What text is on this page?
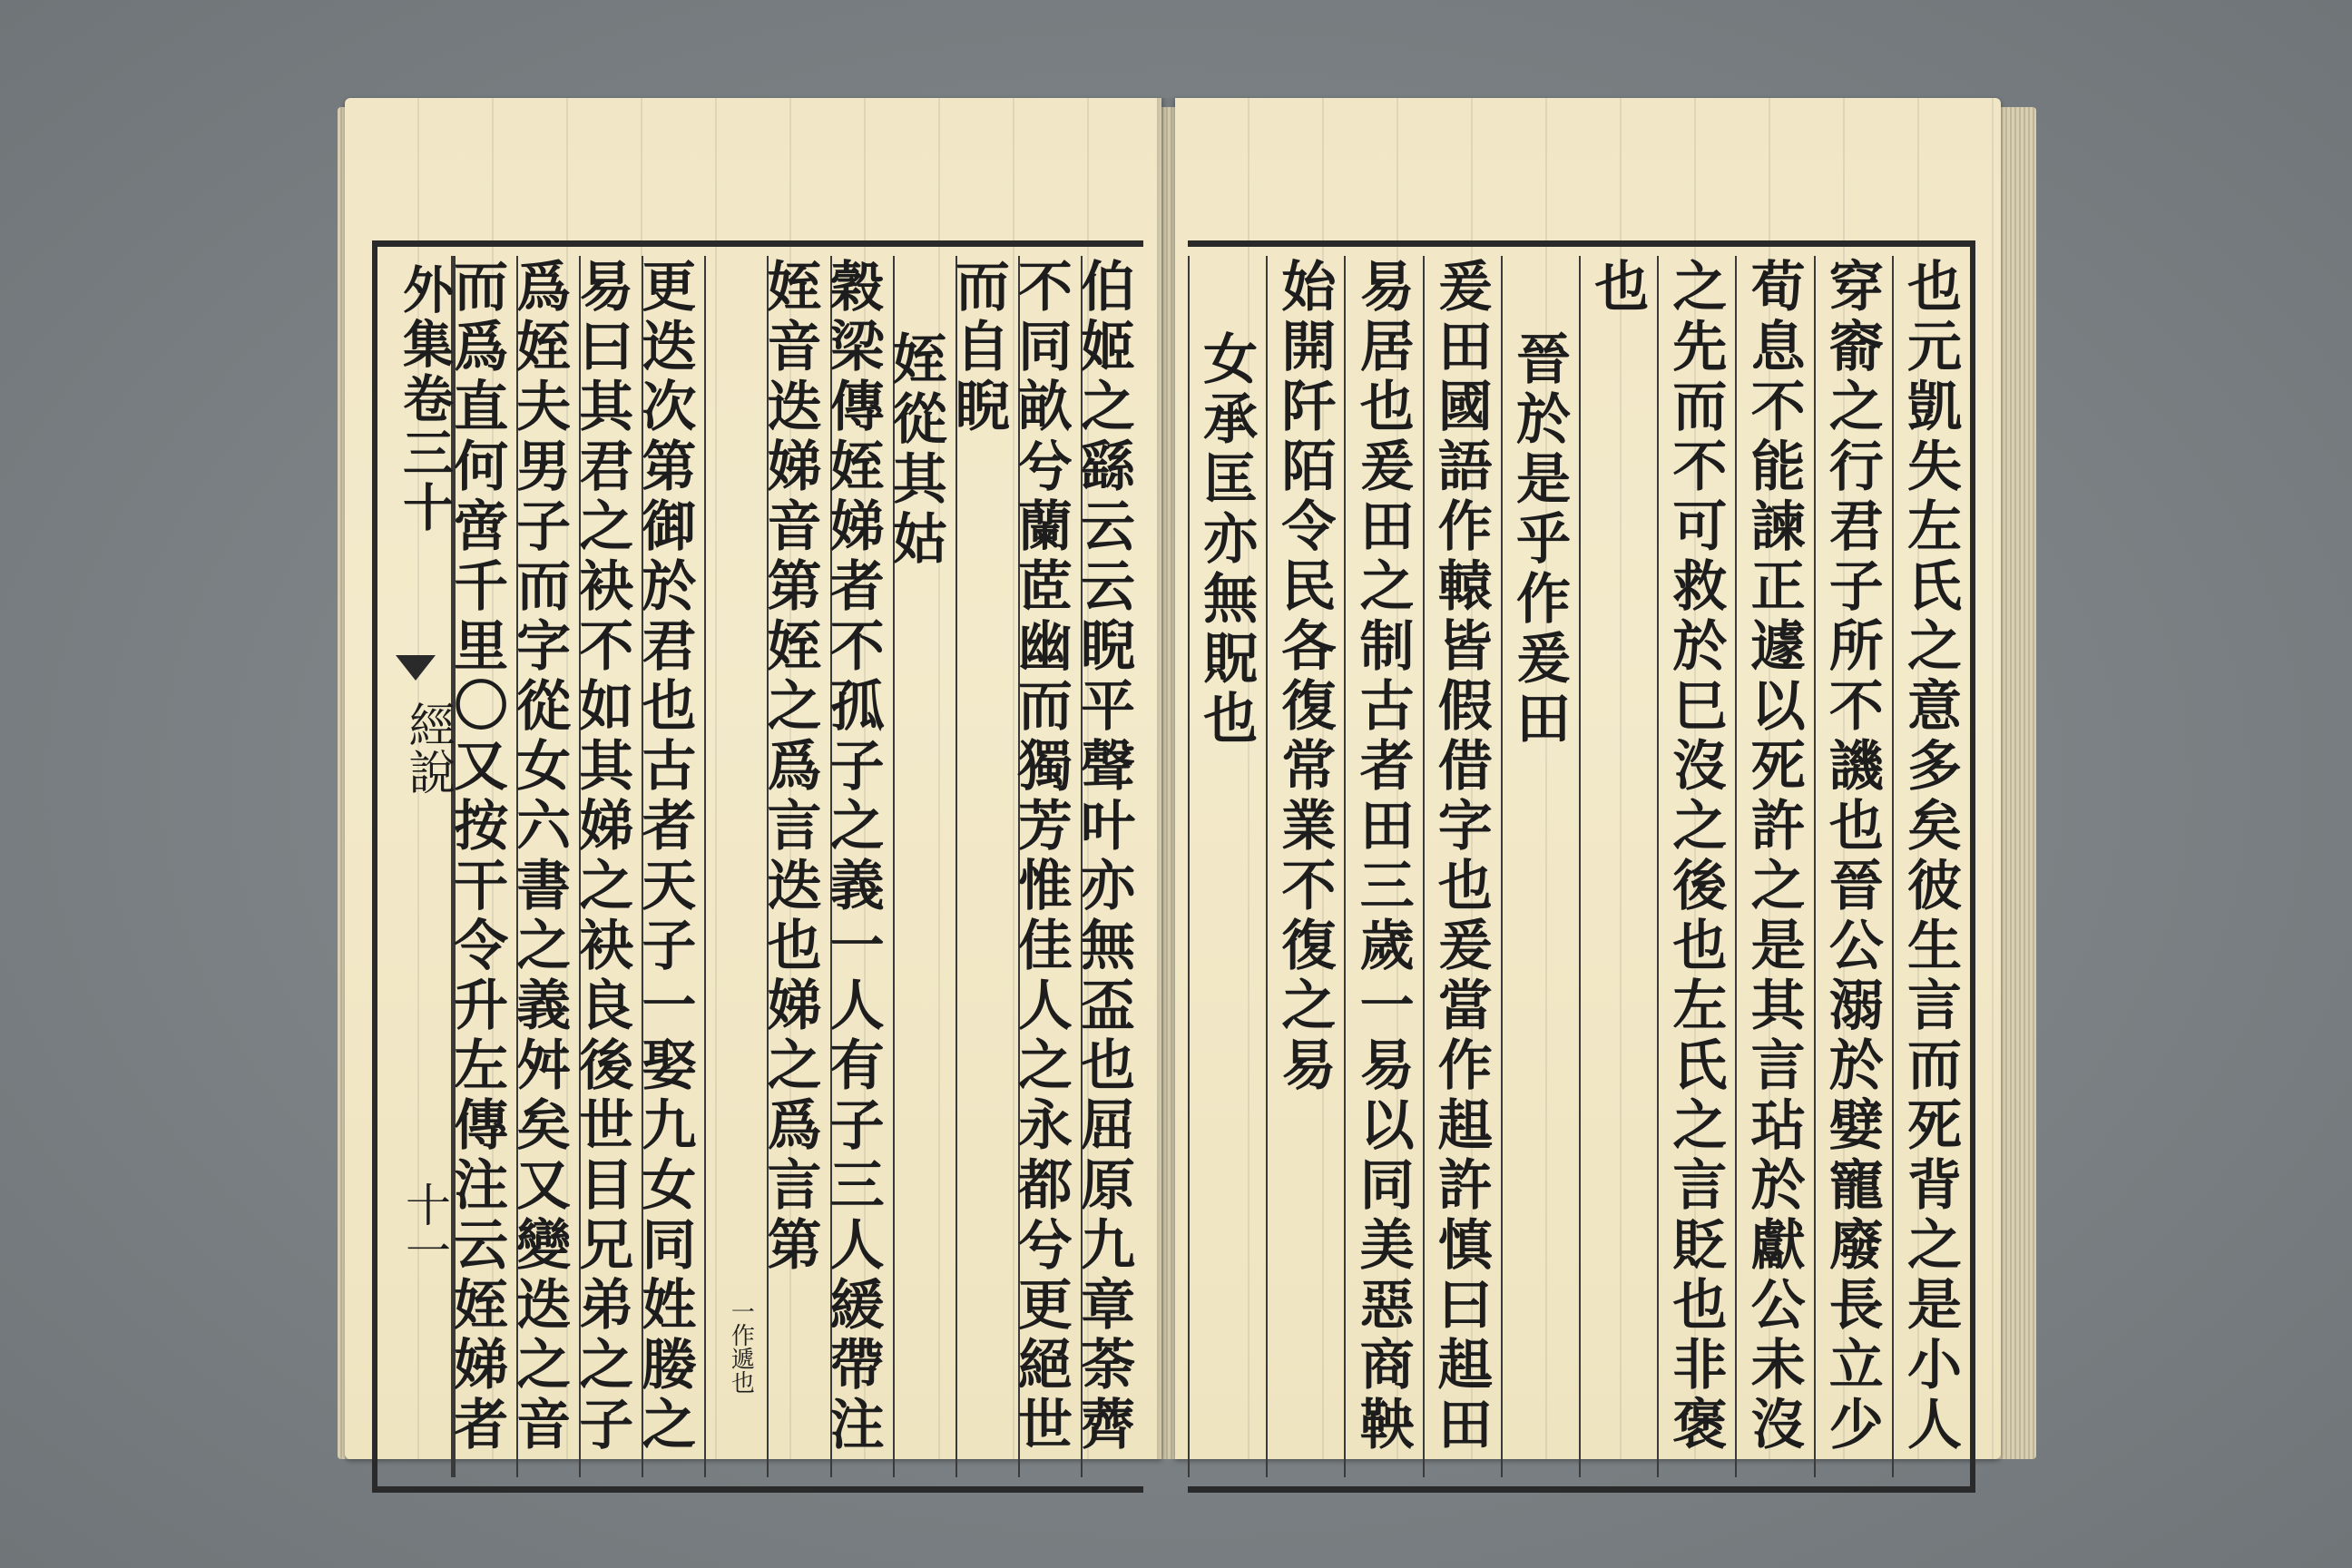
外集卷三十
經說
十一	伯姬之繇云云睨平聲叶亦無盃也屈原九章荼薺
不同畝兮蘭茝幽而獨芳惟佳人之永都兮更絕世
而自睨
姪從其姑
穀梁傳姪娣者不孤子之義一人有子三人緩帶注
姪音迭娣音第姪之爲言迭也娣之爲言第
一作遞也
更迭次第御於君也古者天子一娶九女同姓媵之
易曰其君之袂不如其娣之袂良後世目兄弟之子
爲姪夫男子而字從女六書之義舛矣又變迭之音
而爲直何啻千里〇又按干令升左傳注云姪娣者	也元凱失左氏之意多矣彼生言而死背之是小人
穿窬之行君子所不譏也晉公溺於嬖寵廢長立少
荀息不能諫正遽以死許之是其言玷於獻公未沒
之先而不可救於巳沒之後也左氏之言貶也非褒
也
晉於是乎作爰田
爰田國語作轅皆假借字也爰當作趄許慎曰趄田
易居也爰田之制古者田三歲一易以同美惡商鞅
始開阡陌令民各復常業不復之易
女承匡亦無貺也
